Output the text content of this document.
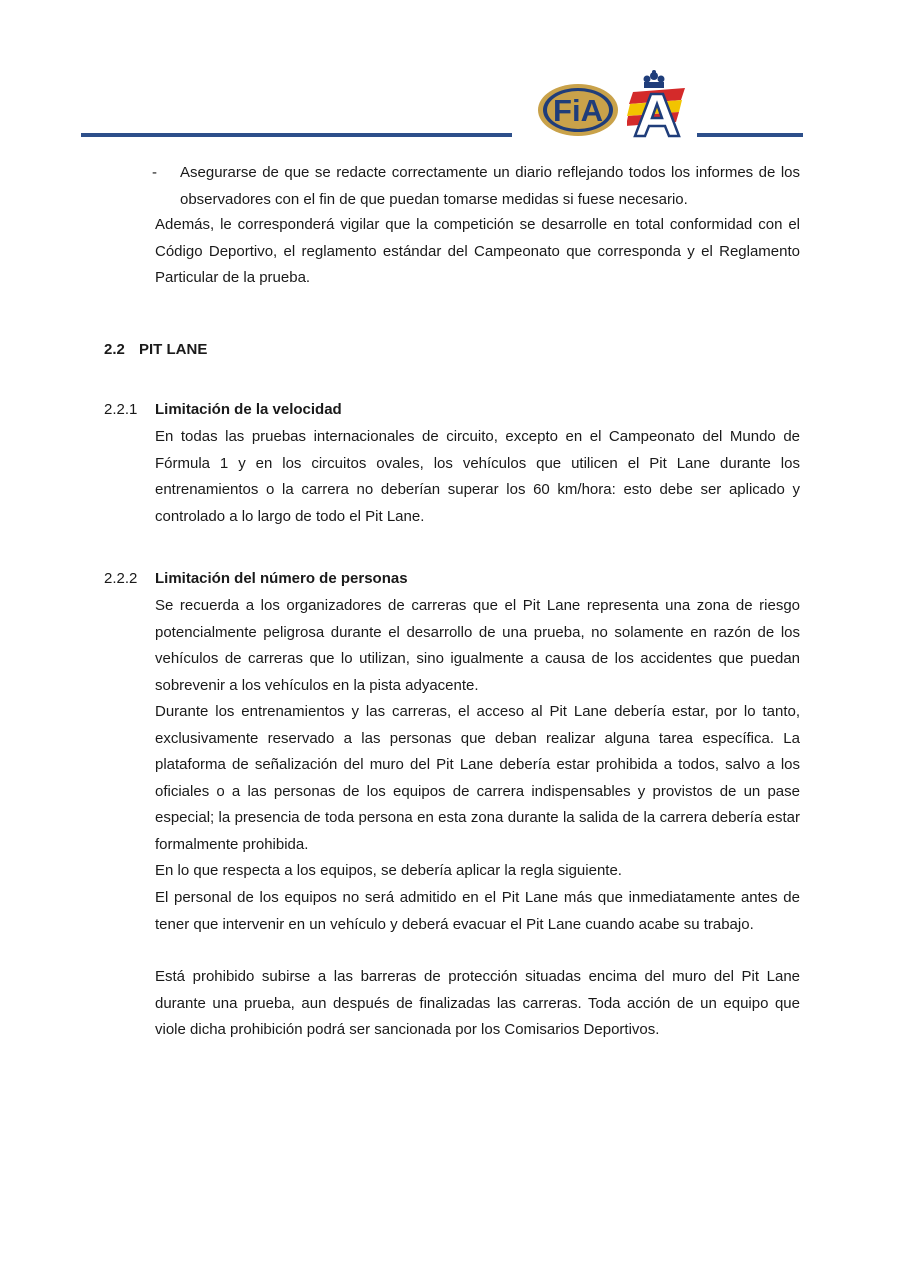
FiA
- Asegurarse de que se redacte correctamente un diario reflejando todos los informes de los observadores con el fin de que puedan tomarse medidas si fuese necesario.

Además, le corresponderá vigilar que la competición se desarrolle en total conformidad con el Código Deportivo, el reglamento estándar del Campeonato que corresponda y el Reglamento Particular de la prueba.

2.2 PIT LANE
2.2.1 Limitación de la velocidad

En todas las pruebas internacionales de circuito, excepto en el Campeonato del Mundo de Fórmula 1 y en los circuitos ovales, los vehículos que utilicen el Pit Lane durante los entrenamientos o la carrera no deberían superar los 60 km/hora: esto debe ser aplicado y controlado a lo largo de todo el Pit Lane.

2.2.2 Limitación del número de personas

Se recuerda a los organizadores de carreras que el Pit Lane representa una zona de riesgo potencialmente peligrosa durante el desarrollo de una prueba, no solamente en razón de los vehículos de carreras que lo utilizan, sino igualmente a causa de los accidentes que puedan sobrevenir a los vehículos en la pista adyacente.

Durante los entrenamientos y las carreras, el acceso al Pit Lane debería estar, por lo tanto, exclusivamente reservado a las personas que deban realizar alguna tarea específica. La plataforma de señalización del muro del Pit Lane debería estar prohibida a todos, salvo a los oficiales o a las personas de los equipos de carrera indispensables y provistos de un pase especial; la presencia de toda persona en esta zona durante la salida de la carrera debería estar formalmente prohibida.

En lo que respecta a los equipos, se debería aplicar la regla siguiente.

El personal de los equipos no será admitido en el Pit Lane más que inmediatamente antes de tener que intervenir en un vehículo y deberá evacuar el Pit Lane cuando acabe su trabajo.

Está prohibido subirse a las barreras de protección situadas encima del muro del Pit Lane durante una prueba, aun después de finalizadas las carreras. Toda acción de un equipo que viole dicha prohibición podrá ser sancionada por los Comisarios Deportivos.
